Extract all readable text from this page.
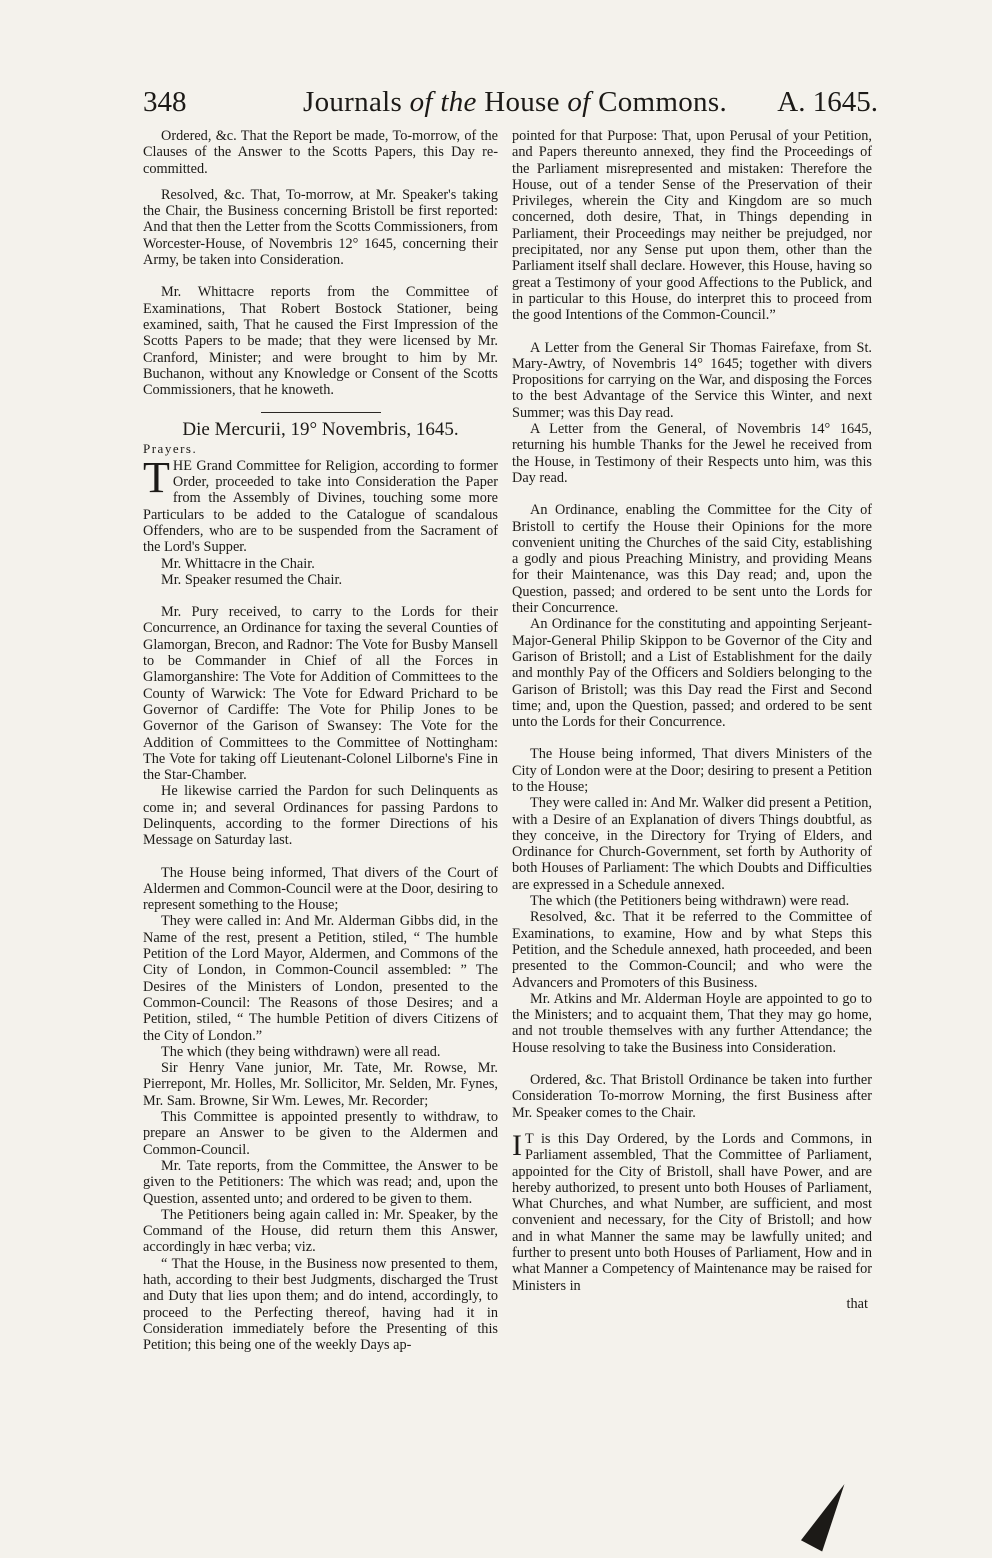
348	Journals of the House of Commons. A. 1645.

Ordered, &c. That the Report be made, To-morrow, of the Clauses of the Answer to the Scotts Papers, this Day re-committed.

Resolved, &c. That, To-morrow, at Mr. Speaker's taking the Chair, the Business concerning Bristoll be first reported: And that then the Letter from the Scotts Commissioners, from Worcester-House, of Novembris 12° 1645, concerning their Army, be taken into Consideration.

Mr. Whittacre reports from the Committee of Examinations, That Robert Bostock Stationer, being examined, saith, That he caused the First Impression of the Scotts Papers to be made; that they were licensed by Mr. Cranford, Minister; and were brought to him by Mr. Buchanon, without any Knowledge or Consent of the Scotts Commissioners, that he knoweth.

Die Mercurii, 19° Novembris, 1645.

Prayers.

THE Grand Committee for Religion, according to former Order, proceeded to take into Consideration the Paper from the Assembly of Divines, touching some more Particulars to be added to the Catalogue of scandalous Offenders, who are to be suspended from the Sacrament of the Lord's Supper.

Mr. Whittacre in the Chair.

Mr. Speaker resumed the Chair.

Mr. Pury received, to carry to the Lords for their Concurrence, an Ordinance for taxing the several Counties of Glamorgan, Brecon, and Radnor: The Vote for Busby Mansell to be Commander in Chief of all the Forces in Glamorganshire: The Vote for Addition of Committees to the County of Warwick: The Vote for Edward Prichard to be Governor of Cardiffe: The Vote for Philip Jones to be Governor of the Garison of Swansey: The Vote for the Addition of Committees to the Committee of Nottingham: The Vote for taking off Lieutenant-Colonel Lilborne's Fine in the Star-Chamber.

He likewise carried the Pardon for such Delinquents as come in; and several Ordinances for passing Pardons to Delinquents, according to the former Directions of his Message on Saturday last.

The House being informed, That divers of the Court of Aldermen and Common-Council were at the Door, desiring to represent something to the House;

They were called in: And Mr. Alderman Gibbs did, in the Name of the rest, present a Petition, stiled, “ The humble Petition of the Lord Mayor, Aldermen, and Commons of the City of London, in Common-Council assembled: ” The Desires of the Ministers of London, presented to the Common-Council: The Reasons of those Desires; and a Petition, stiled, “ The humble Petition of divers Citizens of the City of London.”

The which (they being withdrawn) were all read.

Sir Henry Vane junior, Mr. Tate, Mr. Rowse, Mr. Pierrepont, Mr. Holles, Mr. Sollicitor, Mr. Selden, Mr. Fynes, Mr. Sam. Browne, Sir Wm. Lewes, Mr. Recorder;

This Committee is appointed presently to withdraw, to prepare an Answer to be given to the Aldermen and Common-Council.

Mr. Tate reports, from the Committee, the Answer to be given to the Petitioners: The which was read; and, upon the Question, assented unto; and ordered to be given to them.

The Petitioners being again called in: Mr. Speaker, by the Command of the House, did return them this Answer, accordingly in hæc verba; viz.

“ That the House, in the Business now presented to them, hath, according to their best Judgments, discharged the Trust and Duty that lies upon them; and do intend, accordingly, to proceed to the Perfecting thereof, having had it in Consideration immediately before the Presenting of this Petition; this being one of the weekly Days ap-

pointed for that Purpose: That, upon Perusal of your Petition, and Papers thereunto annexed, they find the Proceedings of the Parliament misrepresented and mistaken: Therefore the House, out of a tender Sense of the Preservation of their Privileges, wherein the City and Kingdom are so much concerned, doth desire, That, in Things depending in Parliament, their Proceedings may neither be prejudged, nor precipitated, nor any Sense put upon them, other than the Parliament itself shall declare. However, this House, having so great a Testimony of your good Affections to the Publick, and in particular to this House, do interpret this to proceed from the good Intentions of the Common-Council.”

A Letter from the General Sir Thomas Fairefaxe, from St. Mary-Awtry, of Novembris 14° 1645; together with divers Propositions for carrying on the War, and disposing the Forces to the best Advantage of the Service this Winter, and next Summer; was this Day read.

A Letter from the General, of Novembris 14° 1645, returning his humble Thanks for the Jewel he received from the House, in Testimony of their Respects unto him, was this Day read.

An Ordinance, enabling the Committee for the City of Bristoll to certify the House their Opinions for the more convenient uniting the Churches of the said City, establishing a godly and pious Preaching Ministry, and providing Means for their Maintenance, was this Day read; and, upon the Question, passed; and ordered to be sent unto the Lords for their Concurrence.

An Ordinance for the constituting and appointing Serjeant-Major-General Philip Skippon to be Governor of the City and Garison of Bristoll; and a List of Establishment for the daily and monthly Pay of the Officers and Soldiers belonging to the Garison of Bristoll; was this Day read the First and Second time; and, upon the Question, passed; and ordered to be sent unto the Lords for their Concurrence.

The House being informed, That divers Ministers of the City of London were at the Door; desiring to present a Petition to the House;

They were called in: And Mr. Walker did present a Petition, with a Desire of an Explanation of divers Things doubtful, as they conceive, in the Directory for Trying of Elders, and Ordinance for Church-Government, set forth by Authority of both Houses of Parliament: The which Doubts and Difficulties are expressed in a Schedule annexed.

The which (the Petitioners being withdrawn) were read.

Resolved, &c. That it be referred to the Committee of Examinations, to examine, How and by what Steps this Petition, and the Schedule annexed, hath proceeded, and been presented to the Common-Council; and who were the Advancers and Promoters of this Business.

Mr. Atkins and Mr. Alderman Hoyle are appointed to go to the Ministers; and to acquaint them, That they may go home, and not trouble themselves with any further Attendance; the House resolving to take the Business into Consideration.

Ordered, &c. That Bristoll Ordinance be taken into further Consideration To-morrow Morning, the first Business after Mr. Speaker comes to the Chair.

I T is this Day Ordered, by the Lords and Commons, in Parliament assembled, That the Committee of Parliament, appointed for the City of Bristoll, shall have Power, and are hereby authorized, to present unto both Houses of Parliament, What Churches, and what Number, are sufficient, and most convenient and necessary, for the City of Bristoll; and how and in what Manner the same may be lawfully united; and further to present unto both Houses of Parliament, How and in what Manner a Competency of Maintenance may be raised for Ministers in

that
